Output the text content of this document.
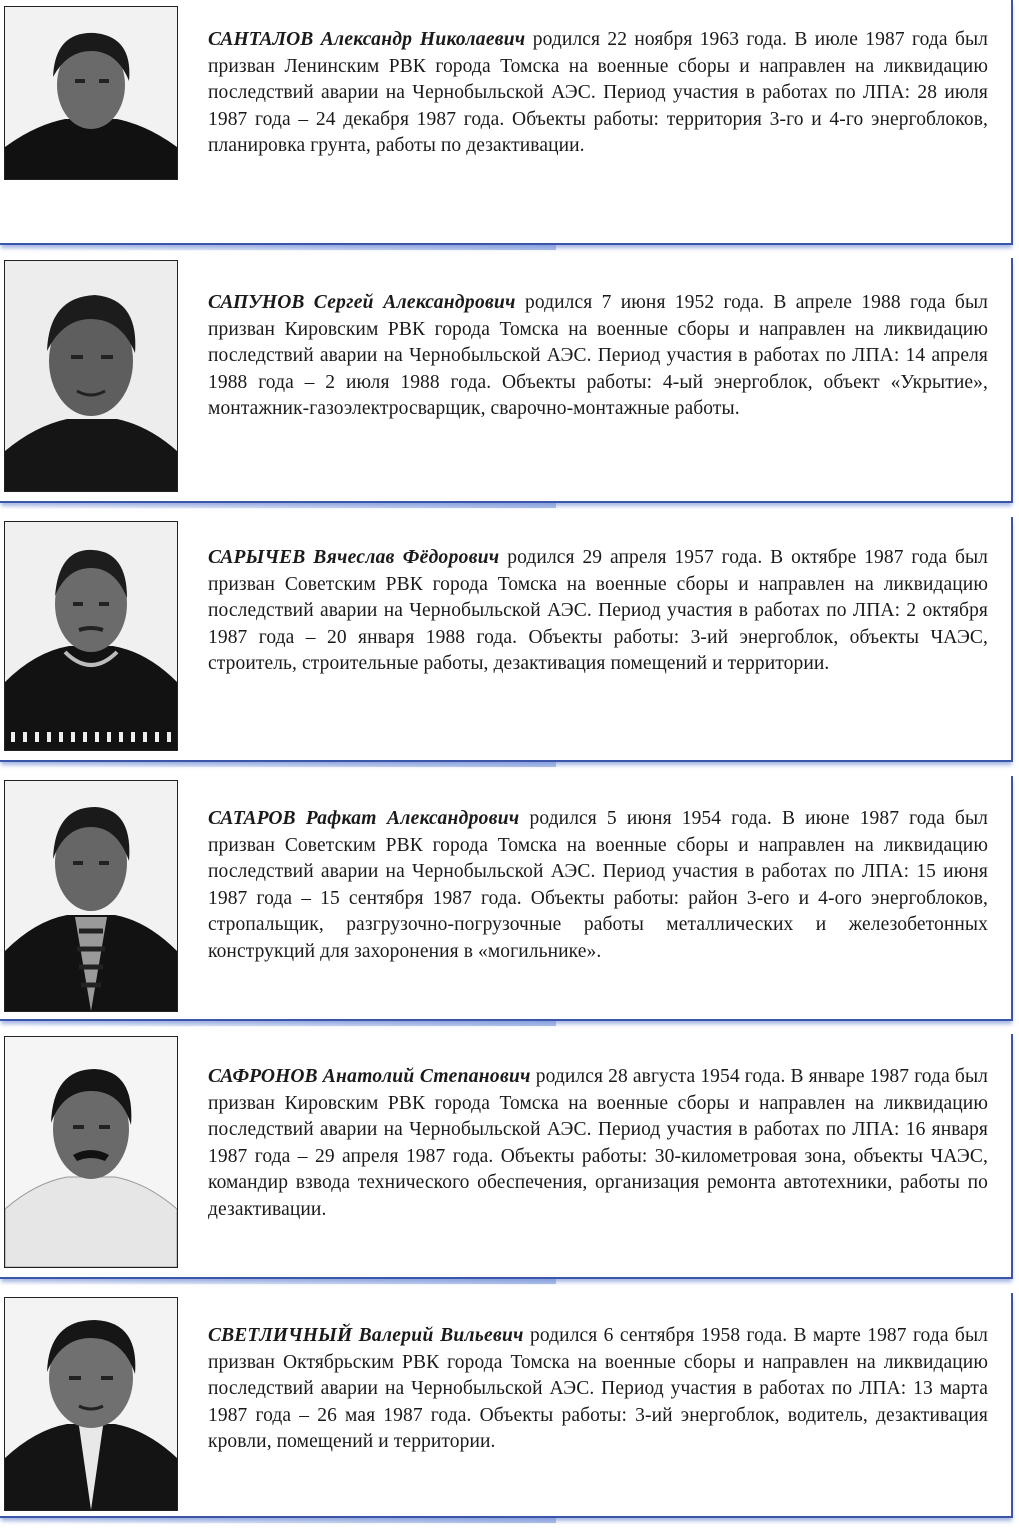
САНТАЛОВ Александр Николаевич родился 22 ноября 1963 года. В июле 1987 года был призван Ленинским РВК города Томска на военные сборы и направлен на ликвидацию последствий аварии на Чернобыльской АЭС. Период участия в работах по ЛПА: 28 июля 1987 года – 24 декабря 1987 года. Объекты работы: территория 3-го и 4-го энергоблоков, планировка грунта, работы по дезактивации.
САПУНОВ Сергей Александрович родился 7 июня 1952 года. В апреле 1988 года был призван Кировским РВК города Томска на военные сборы и направлен на ликвидацию последствий аварии на Чернобыльской АЭС. Период участия в работах по ЛПА: 14 апреля 1988 года – 2 июля 1988 года. Объекты работы: 4-ый энергоблок, объект «Укрытие», монтажник-газоэлектросварщик, сварочно-монтажные работы.
САРЫЧЕВ Вячеслав Фёдорович родился 29 апреля 1957 года. В октябре 1987 года был призван Советским РВК города Томска на военные сборы и направлен на ликвидацию последствий аварии на Чернобыльской АЭС. Период участия в работах по ЛПА: 2 октября 1987 года – 20 января 1988 года. Объекты работы: 3-ий энергоблок, объекты ЧАЭС, строитель, строительные работы, дезактивация помещений и территории.
САТАРОВ Рафкат Александрович родился 5 июня 1954 года. В июне 1987 года был призван Советским РВК города Томска на военные сборы и направлен на ликвидацию последствий аварии на Чернобыльской АЭС. Период участия в работах по ЛПА: 15 июня 1987 года – 15 сентября 1987 года. Объекты работы: район 3-его и 4-ого энергоблоков, стропальщик, разгрузочно-погрузочные работы металлических и железобетонных конструкций для захоронения в «могильнике».
САФРОНОВ Анатолий Степанович родился 28 августа 1954 года. В январе 1987 года был призван Кировским РВК города Томска на военные сборы и направлен на ликвидацию последствий аварии на Чернобыльской АЭС. Период участия в работах по ЛПА: 16 января 1987 года – 29 апреля 1987 года. Объекты работы: 30-километровая зона, объекты ЧАЭС, командир взвода технического обеспечения, организация ремонта автотехники, работы по дезактивации.
СВЕТЛИЧНЫЙ Валерий Вильевич родился 6 сентября 1958 года. В марте 1987 года был призван Октябрьским РВК города Томска на военные сборы и направлен на ликвидацию последствий аварии на Чернобыльской АЭС. Период участия в работах по ЛПА: 13 марта 1987 года – 26 мая 1987 года. Объекты работы: 3-ий энергоблок, водитель, дезактивация кровли, помещений и территории.
